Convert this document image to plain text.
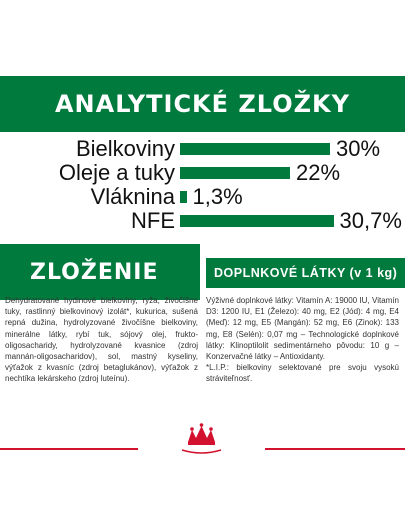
ANALYTICKÉ ZLOŽKY
Bielkoviny	30%
Oleje a tuky	22%
Vláknina 1,3%
NFE	30,7%
ZLOŽENIE
Dehydratované hydinové bielkoviny, ryža, živočíšne tuky, rastlinný bielkovinový izolát*, kukurica, sušená repná dužina, hydrolyzované živočíšne bielkoviny, minerálne látky, rybí tuk, sójový olej, frukto-oligosacharidy, hydrolyzované kvasnice (zdroj mannán-oligosacharidov), sol, mastný kyseliny, výťažok z kvasníc (zdroj betaglukánov), výťažok z nechtíka lekárskeho (zdroj luteínu).
DOPLNKOVÉ LÁTKY (v 1 kg)

Výživné doplnkové látky: Vitamín A: 19000 IU, Vitamín D3: 1200 IU, E1 (Železo): 40 mg, E2 (Jód): 4 mg, E4 (Meď): 12 mg, E5 (Mangán): 52 mg, E6 (Zinok): 133 mg, E8 (Selén): 0,07 mg – Technologické doplnkové látky: Klinoptilolit sedimentárneho pôvodu: 10 g – Konzervačné látky – Antioxidanty.

*L.I.P.: bielkoviny selektované pre svoju vysokú stráviteľnosť.
